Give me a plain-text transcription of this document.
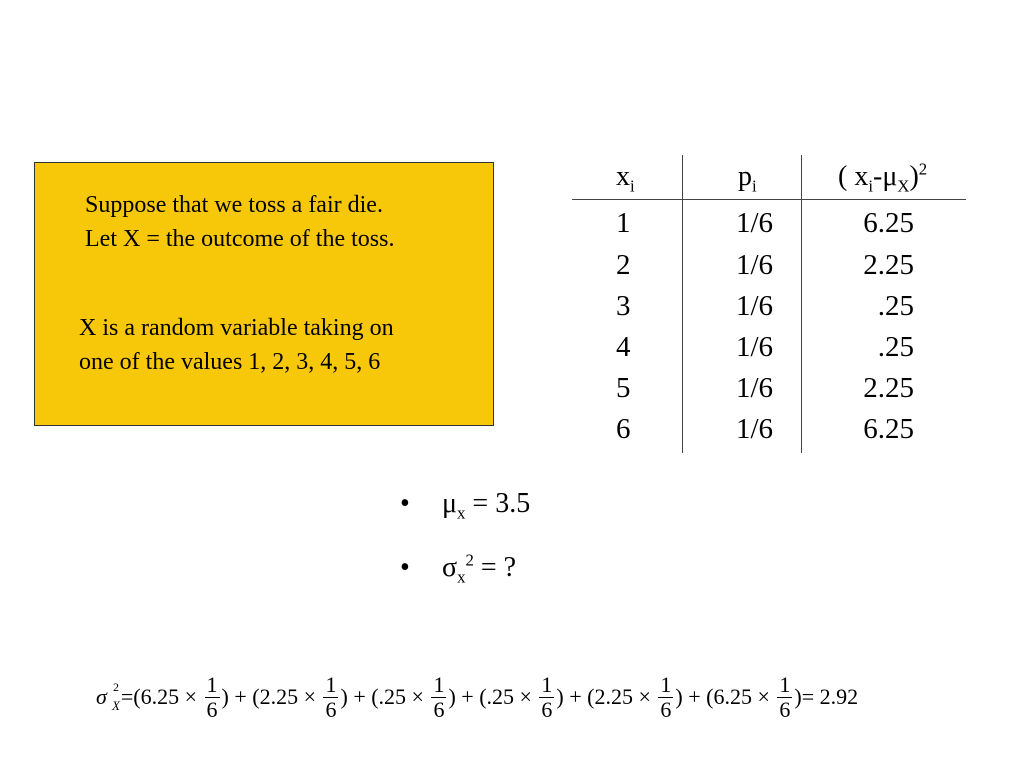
Suppose that we toss a fair die.
Let X = the outcome of the toss.
X is a random variable taking on
one of the values 1, 2, 3, 4, 5, 6
$x_i$	$p_i$	( $x_i-\mu_X)^2$
1	1/6	6.25
2	1/6	2.25
3	1/6	.25
4	1/6	.25
5	1/6	2.25
6	1/6	6.25
• $\mu_x = 3.5$
• $\sigma_x^2$ = ?
σ 2
$X = (6.25 \times \frac{1}{6}$ ) + ($2.25 \times \frac{1}{6}$ ) + ($.25 \times \frac{1}{6}$ ) + ($.25 \times \frac{1}{6}$ ) + ($2.25 \times \frac{1}{6}$ ) + ($6.25 \times \frac{1}{6}$ ) = 2.92
